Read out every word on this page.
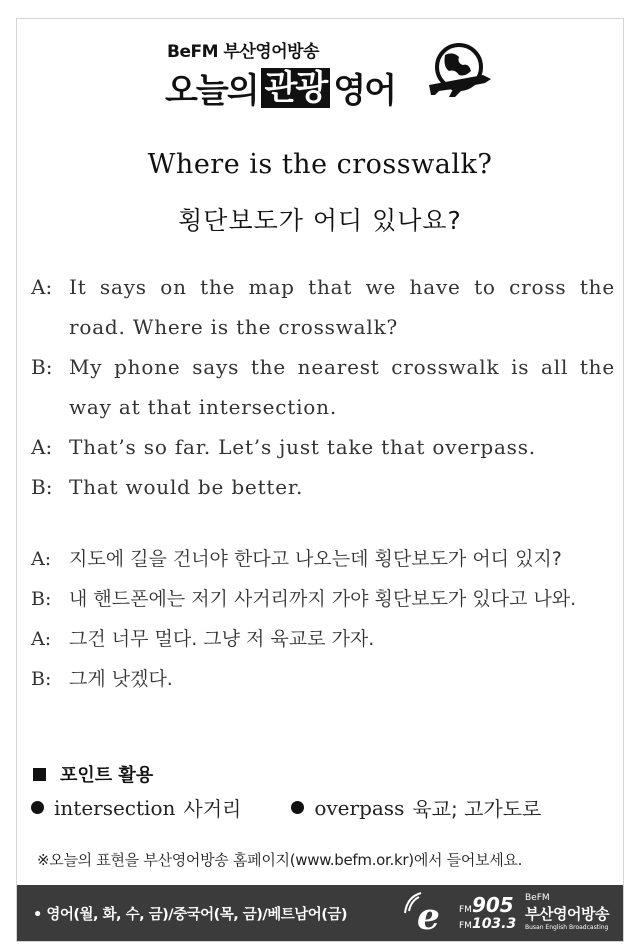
BeFM 부산영어방송
오늘의 관광 영어
Where is the crosswalk?
횡단보도가 어디 있나요?
A: It says on the map that we have to cross the road. Where is the crosswalk?
B: My phone says the nearest crosswalk is all the way at that intersection.
A: That’s so far. Let’s just take that overpass.
B: That would be better.
A: 지도에 길을 건너야 한다고 나오는데 횡단보도가 어디 있지?
B: 내 핸드폰에는 저기 사거리까지 가야 횡단보도가 있다고 나와.
A: 그건 너무 멀다. 그냥 저 육교로 가자.
B: 그게 낫겠다.
포인트 활용
intersection 사거리	overpass 육교; 고가도로
※오늘의 표현을 부산영어방송 홈페이지(www.befm.or.kr)에서 들어보세요.
• 영어(월, 화, 수, 금)/중국어(목, 금)/베트남어(금) e FM905
FM103.3
BeFM
부산영어방송
Busan English Broadcasting
